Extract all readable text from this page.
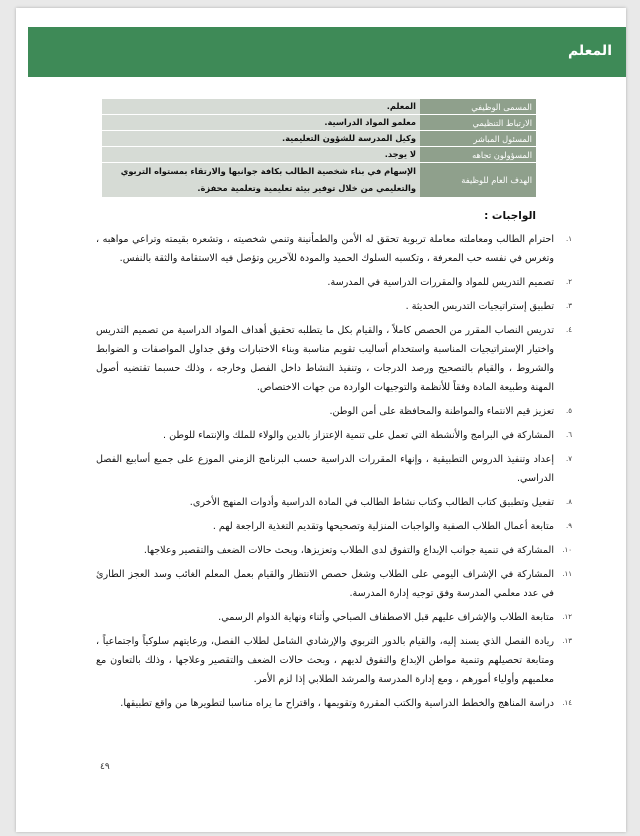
المعلم
المسمى الوظيفي	المعلم.
الارتباط التنظيمي	معلمو المواد الدراسية.
المسئول المباشر	وكيل المدرسة للشؤون التعليمية.
المسؤولون تجاهه	لا يوجد.
الهدف العام للوظيفة	الإسهام في بناء شخصية الطالب بكافة جوانبها والارتقاء بمستواه التربوي والتعليمي من خلال توفير بيئة تعليمية وتعلمية محفزة.
الواجبات :
١.
احترام الطالب ومعاملته معاملة تربوية تحقق له الأمن والطمأنينة وتنمي شخصيته ، وتشعره بقيمته وتراعي مواهبه ، وتغرس في نفسه حب المعرفة ، وتكسبه السلوك الحميد والمودة للآخرين وتؤصل فيه الاستقامة والثقة بالنفس.
٢.
تصميم التدريس للمواد والمقررات الدراسية في المدرسة.
٣.
تطبيق إستراتيجيات التدريس الحديثة .
٤.
تدريس النصاب المقرر من الحصص كاملاً ، والقيام بكل ما يتطلبه تحقيق أهداف المواد الدراسية من تصميم التدريس واختيار الإستراتيجيات المناسبة واستخدام أساليب تقويم مناسبة وبناء الاختبارات وفق جداول المواصفات و الضوابط والشروط ، والقيام بالتصحيح ورصد الدرجات ، وتنفيذ النشاط داخل الفصل وخارجه ، وذلك حسبما تقتضيه أصول المهنة وطبيعة المادة وفقاً للأنظمة والتوجيهات الواردة من جهات الاختصاص.
٥.
تعزيز قيم الانتماء والمواطنة والمحافظة على أمن الوطن.
٦.
المشاركة في البرامج والأنشطة التي تعمل على تنمية الإعتزاز بالدين والولاء للملك والإنتماء للوطن .
٧.
إعداد وتنفيذ الدروس التطبيقية ، وإنهاء المقررات الدراسية حسب البرنامج الزمني الموزع على جميع أسابيع الفصل الدراسي.
٨.
تفعيل وتطبيق كتاب الطالب وكتاب نشاط الطالب في المادة الدراسية وأدوات المنهج الأخرى.
٩.
متابعة أعمال الطلاب الصفية والواجبات المنزلية وتصحيحها وتقديم التغذية الراجعة لهم .
١٠.
المشاركة في تنمية جوانب الإبداع والتفوق لدى الطلاب وتعزيزها، وبحث حالات الضعف والتقصير وعلاجها.
١١.
المشاركة في الإشراف اليومي على الطلاب وشغل حصص الانتظار والقيام بعمل المعلم الغائب وسد العجز الطارئ في عدد معلمي المدرسة وفق توجيه إدارة المدرسة.
١٢.
متابعة الطلاب والإشراف عليهم قبل الاصطفاف الصباحي وأثناء ونهاية الدوام الرسمي.
١٣.
ريادة الفصل الذي يسند إليه، والقيام بالدور التربوي والإرشادي الشامل لطلاب الفصل، ورعايتهم سلوكياً واجتماعياً ، ومتابعة تحصيلهم وتنمية مواطن الإبداع والتفوق لديهم ، وبحث حالات الضعف والتقصير وعلاجها ، وذلك بالتعاون مع معلميهم وأولياء أمورهم ، ومع إدارة المدرسة والمرشد الطلابي إذا لزم الأمر.
١٤.
دراسة المناهج والخطط الدراسية والكتب المقررة وتقويمها ، واقتراح ما يراه مناسبا لتطويرها من واقع تطبيقها.
٤٩
